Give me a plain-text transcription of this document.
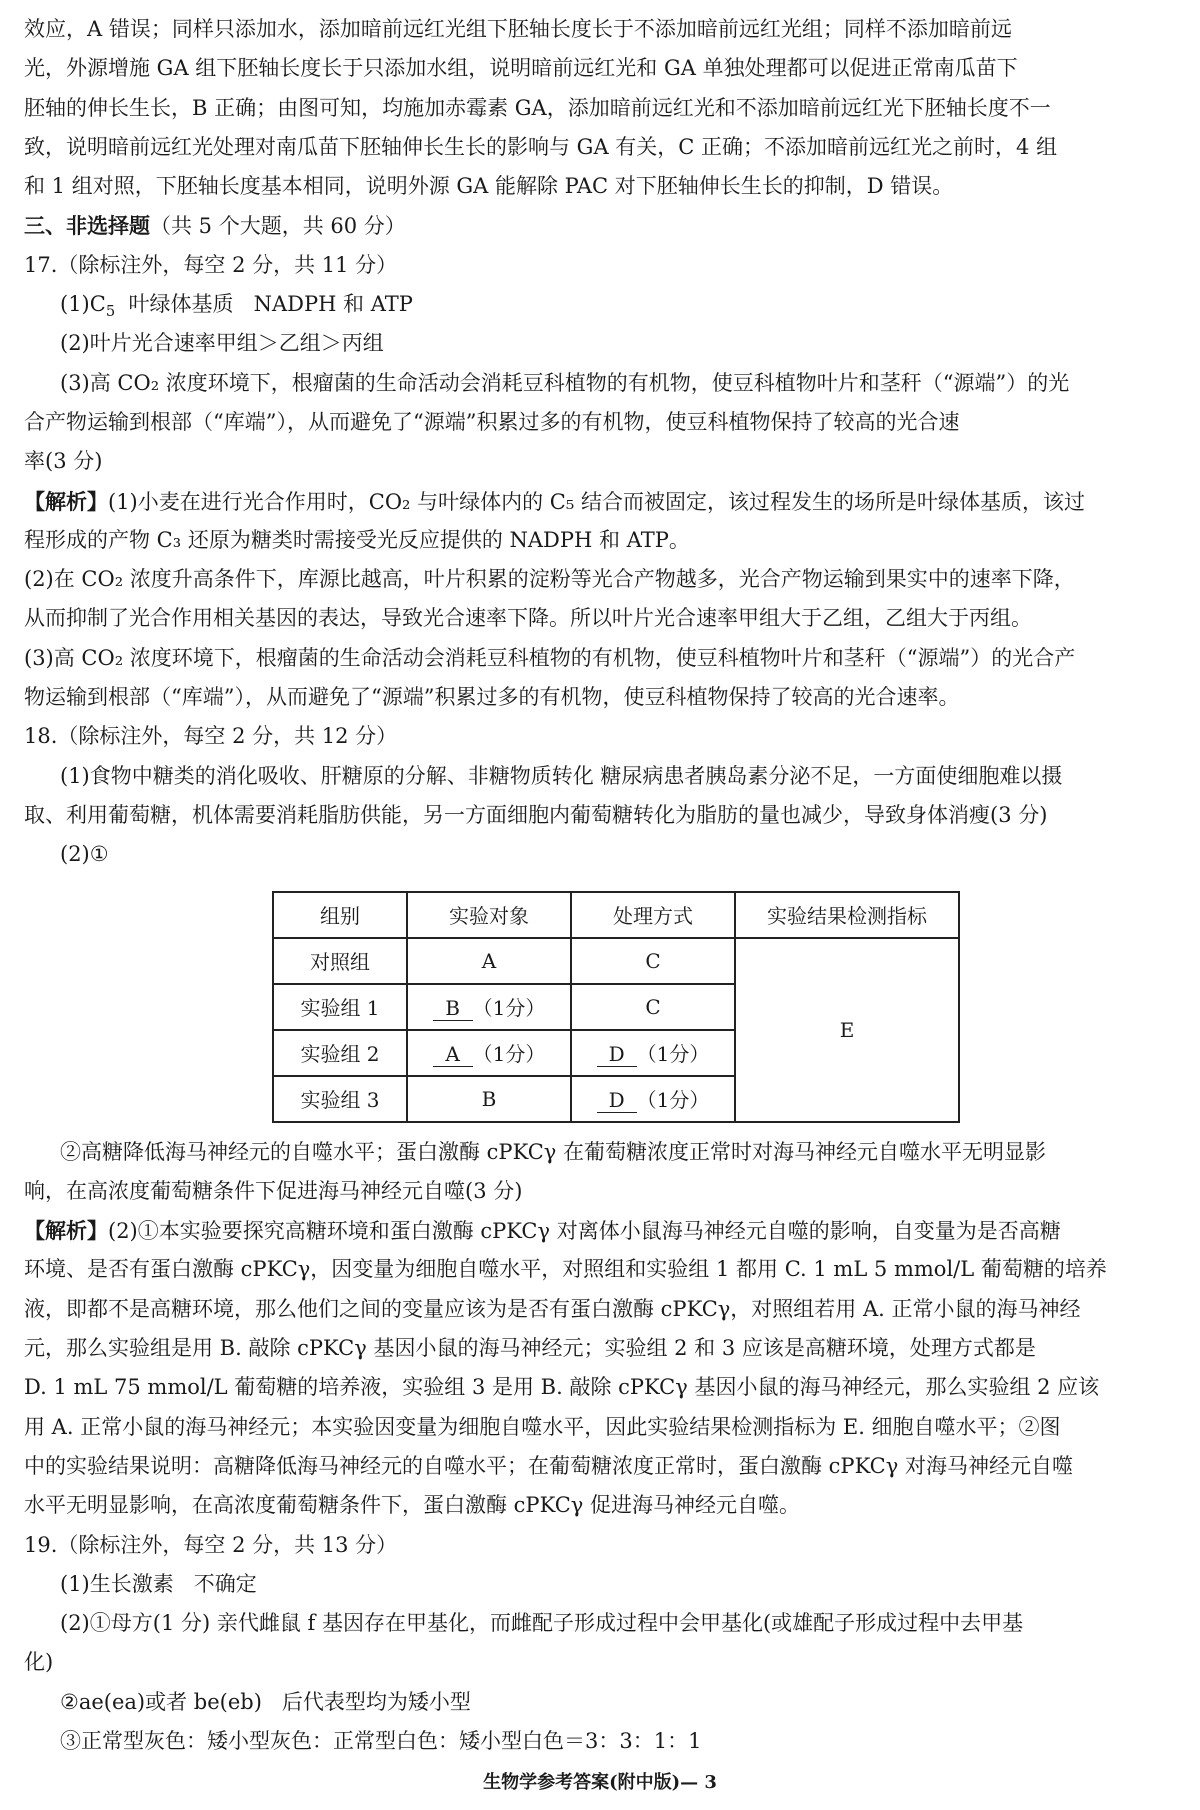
效应，A 错误；同样只添加水，添加暗前远红光组下胚轴长度长于不添加暗前远红光组；同样不添加暗前远
光，外源增施 GA 组下胚轴长度长于只添加水组，说明暗前远红光和 GA 单独处理都可以促进正常南瓜苗下
胚轴的伸长生长，B 正确；由图可知，均施加赤霉素 GA，添加暗前远红光和不添加暗前远红光下胚轴长度不一
致，说明暗前远红光处理对南瓜苗下胚轴伸长生长的影响与 GA 有关，C 正确；不添加暗前远红光之前时，4 组
和 1 组对照，下胚轴长度基本相同，说明外源 GA 能解除 PAC 对下胚轴伸长生长的抑制，D 错误。
三、非选择题（共 5 个大题，共 60 分）
17.（除标注外，每空 2 分，共 11 分）
$(1)C_5$  叶绿体基质   NADPH 和 ATP
(2)叶片光合速率甲组＞乙组＞丙组
(3)高 CO₂ 浓度环境下，根瘤菌的生命活动会消耗豆科植物的有机物，使豆科植物叶片和茎秆（“源端”）的光
合产物运输到根部（“库端”），从而避免了“源端”积累过多的有机物，使豆科植物保持了较高的光合速
率(3 分)
【解析】(1)小麦在进行光合作用时，CO₂ 与叶绿体内的 C₅ 结合而被固定，该过程发生的场所是叶绿体基质，该过
程形成的产物 C₃ 还原为糖类时需接受光反应提供的 NADPH 和 ATP。
(2)在 CO₂ 浓度升高条件下，库源比越高，叶片积累的淀粉等光合产物越多，光合产物运输到果实中的速率下降，
从而抑制了光合作用相关基因的表达，导致光合速率下降。所以叶片光合速率甲组大于乙组，乙组大于丙组。
(3)高 CO₂ 浓度环境下，根瘤菌的生命活动会消耗豆科植物的有机物，使豆科植物叶片和茎秆（“源端”）的光合产
物运输到根部（“库端”），从而避免了“源端”积累过多的有机物，使豆科植物保持了较高的光合速率。
18.（除标注外，每空 2 分，共 12 分）
(1)食物中糖类的消化吸收、肝糖原的分解、非糖物质转化 糖尿病患者胰岛素分泌不足，一方面使细胞难以摄
取、利用葡萄糖，机体需要消耗脂肪供能，另一方面细胞内葡萄糖转化为脂肪的量也减少，导致身体消瘦(3 分)
(2)①
组别	实验对象	处理方式	实验结果检测指标
对照组	A	C	E
实验组 1	B （1分）	C	
实验组 2	A （1分）	D （1分）	
实验组 3	B	D （1分）	
②高糖降低海马神经元的自噬水平；蛋白激酶 cPKCγ 在葡萄糖浓度正常时对海马神经元自噬水平无明显影
响，在高浓度葡萄糖条件下促进海马神经元自噬(3 分)
【解析】(2)①本实验要探究高糖环境和蛋白激酶 cPKCγ 对离体小鼠海马神经元自噬的影响，自变量为是否高糖
环境、是否有蛋白激酶 cPKCγ，因变量为细胞自噬水平，对照组和实验组 1 都用 C. 1 mL 5 mmol/L 葡萄糖的培养
液，即都不是高糖环境，那么他们之间的变量应该为是否有蛋白激酶 cPKCγ，对照组若用 A. 正常小鼠的海马神经
元，那么实验组是用 B. 敲除 cPKCγ 基因小鼠的海马神经元；实验组 2 和 3 应该是高糖环境，处理方式都是
D. 1 mL 75 mmol/L 葡萄糖的培养液，实验组 3 是用 B. 敲除 cPKCγ 基因小鼠的海马神经元，那么实验组 2 应该
用 A. 正常小鼠的海马神经元；本实验因变量为细胞自噬水平，因此实验结果检测指标为 E. 细胞自噬水平；②图
中的实验结果说明：高糖降低海马神经元的自噬水平；在葡萄糖浓度正常时，蛋白激酶 cPKCγ 对海马神经元自噬
水平无明显影响，在高浓度葡萄糖条件下，蛋白激酶 cPKCγ 促进海马神经元自噬。
19.（除标注外，每空 2 分，共 13 分）
(1)生长激素   不确定
(2)①母方(1 分) 亲代雌鼠 f 基因存在甲基化，而雌配子形成过程中会甲基化(或雄配子形成过程中去甲基
化)
②ae(ea)或者 be(eb)   后代表型均为矮小型
③正常型灰色：矮小型灰色：正常型白色：矮小型白色＝3：3：1：1
生物学参考答案(附中版)— 3
